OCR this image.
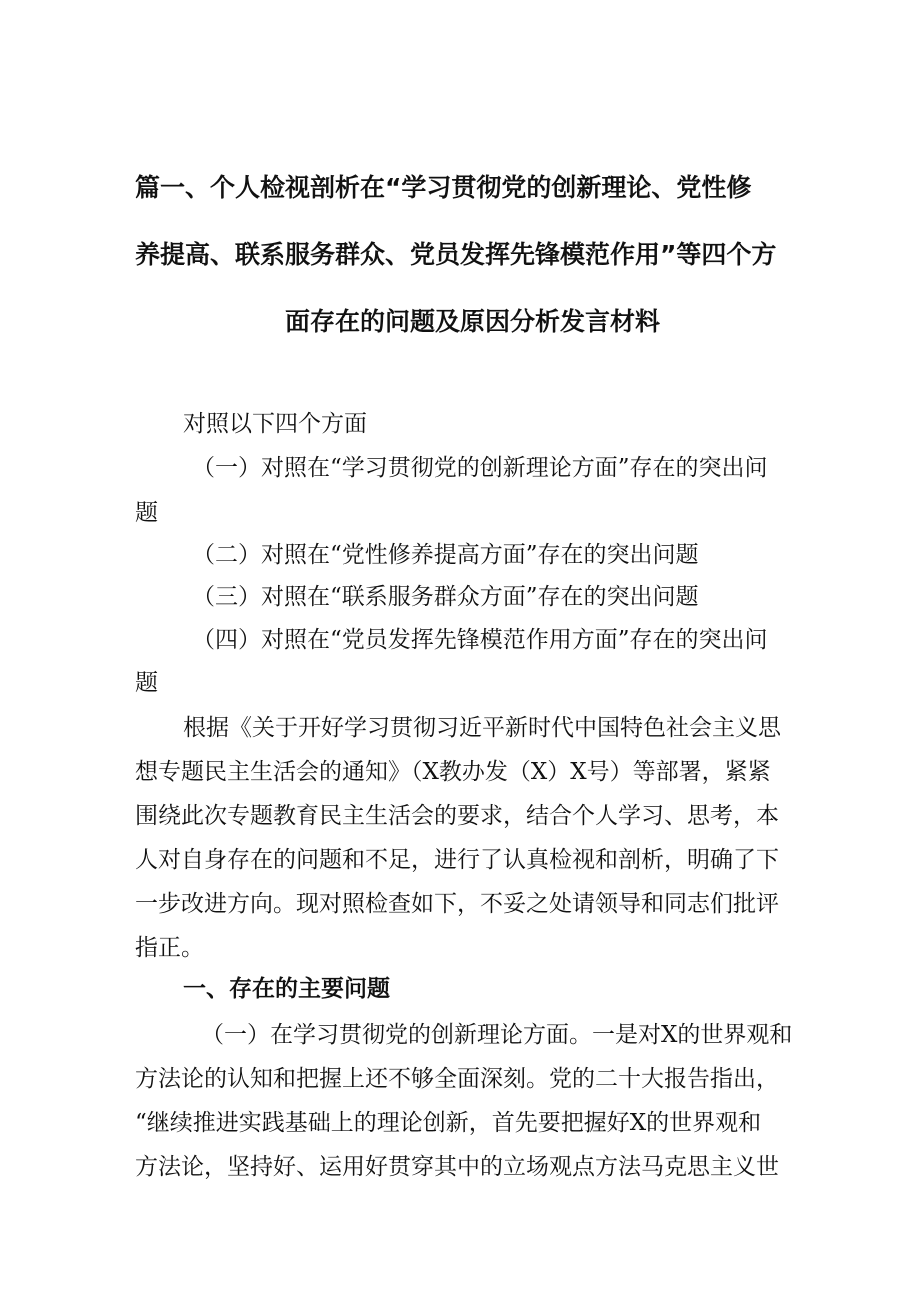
篇一、个人检视剖析在“学习贯彻党的创新理论、党性修
养提高、联系服务群众、党员发挥先锋模范作用”等四个方
面存在的问题及原因分析发言材料
对照以下四个方面
（一）对照在“学习贯彻党的创新理论方面”存在的突出问
题
（二）对照在“党性修养提高方面”存在的突出问题
（三）对照在“联系服务群众方面”存在的突出问题
（四）对照在“党员发挥先锋模范作用方面”存在的突出问
题
根据《关于开好学习贯彻习近平新时代中国特色社会主义思
想专题民主生活会的通知》（X教办发（X）X号）等部署，紧紧
围绕此次专题教育民主生活会的要求，结合个人学习、思考，本
人对自身存在的问题和不足，进行了认真检视和剖析，明确了下
一步改进方向。现对照检查如下，不妥之处请领导和同志们批评
指正。
一、存在的主要问题
（一）在学习贯彻党的创新理论方面。一是对X的世界观和
方法论的认知和把握上还不够全面深刻。党的二十大报告指出，
“继续推进实践基础上的理论创新，首先要把握好X的世界观和
方法论，坚持好、运用好贯穿其中的立场观点方法马克思主义世
